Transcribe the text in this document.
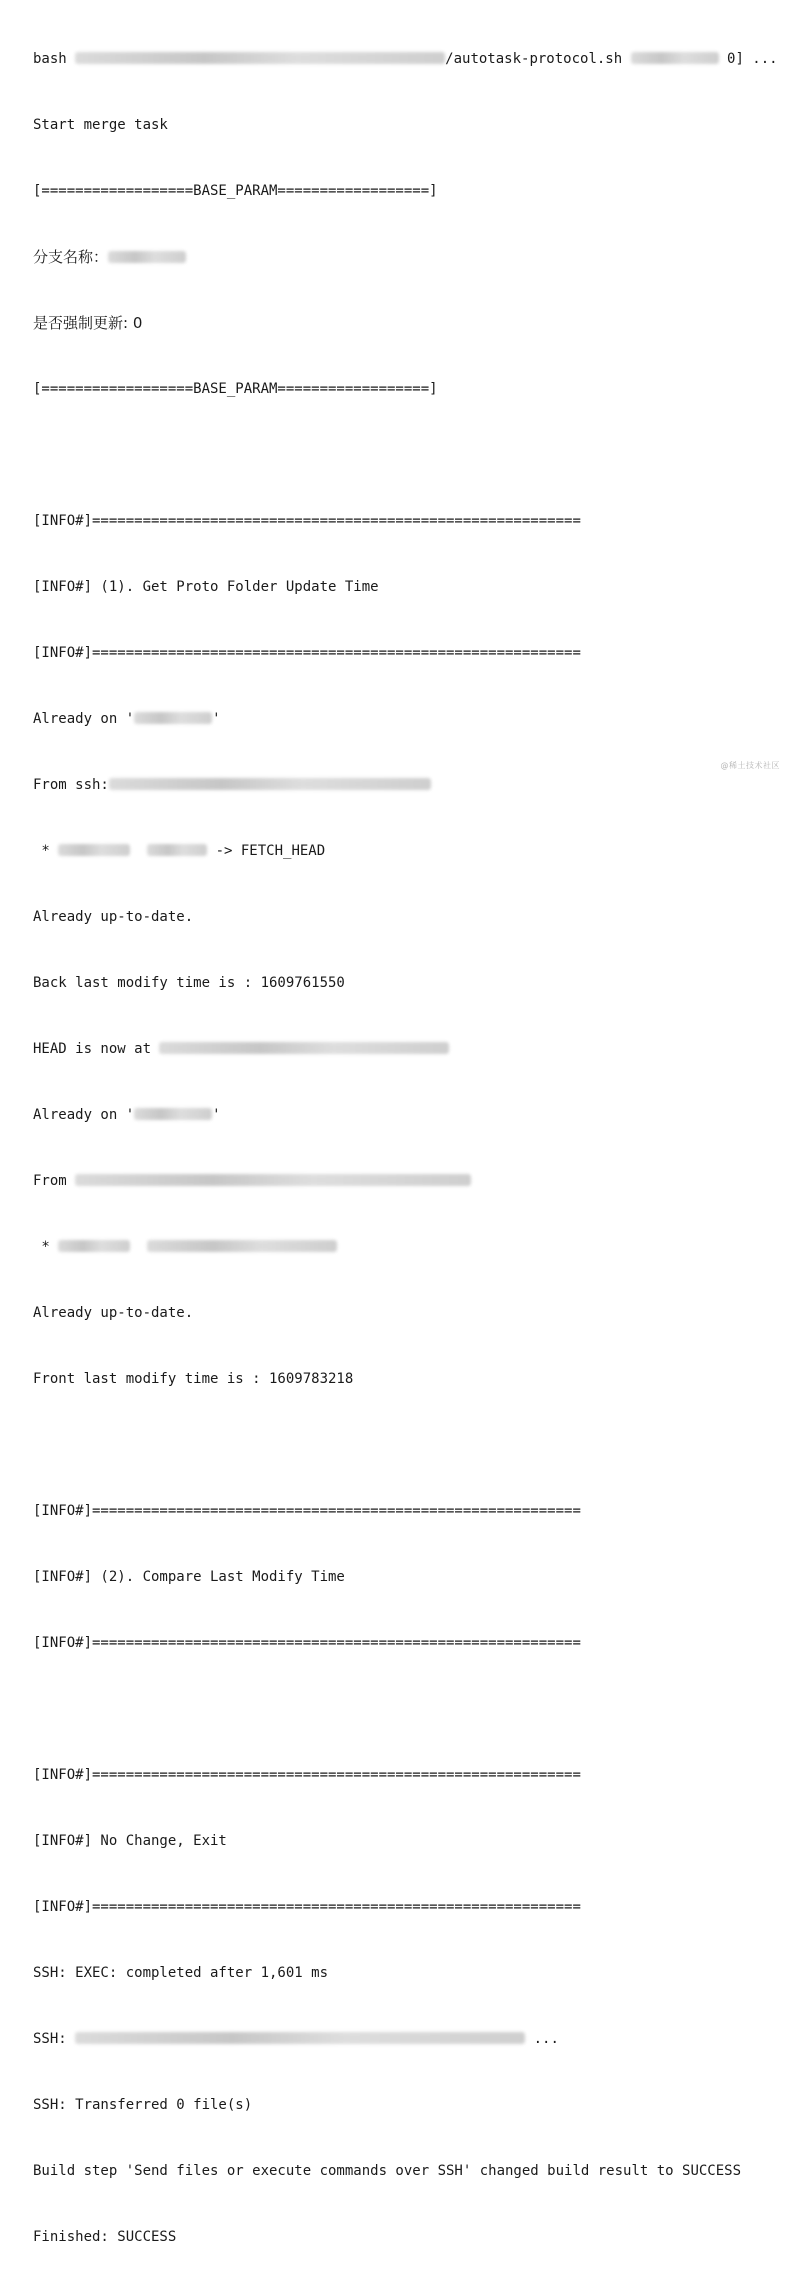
bash	/autotask-protocol.sh	0] ...

Start merge task

[==================BASE_PARAM==================]

分支名称：

是否强制更新: 0

[==================BASE_PARAM==================]

[INFO#]==========================================================

[INFO#] (1). Get Proto Folder Update Time

[INFO#]==========================================================

Already on '	'

From ssh:

*	-> FETCH_HEAD

Already up-to-date.

Back last modify time is : 1609761550

HEAD is now at

Already on '	'

From

*

Already up-to-date.

Front last modify time is : 1609783218

[INFO#]==========================================================

[INFO#] (2). Compare Last Modify Time

[INFO#]==========================================================

[INFO#]==========================================================

[INFO#] No Change, Exit

[INFO#]==========================================================

SSH: EXEC: completed after 1,601 ms

SSH:	...

SSH: Transferred 0 file(s)

Build step 'Send files or execute commands over SSH' changed build result to SUCCESS

Finished: SUCCESS

@稀土技术社区
